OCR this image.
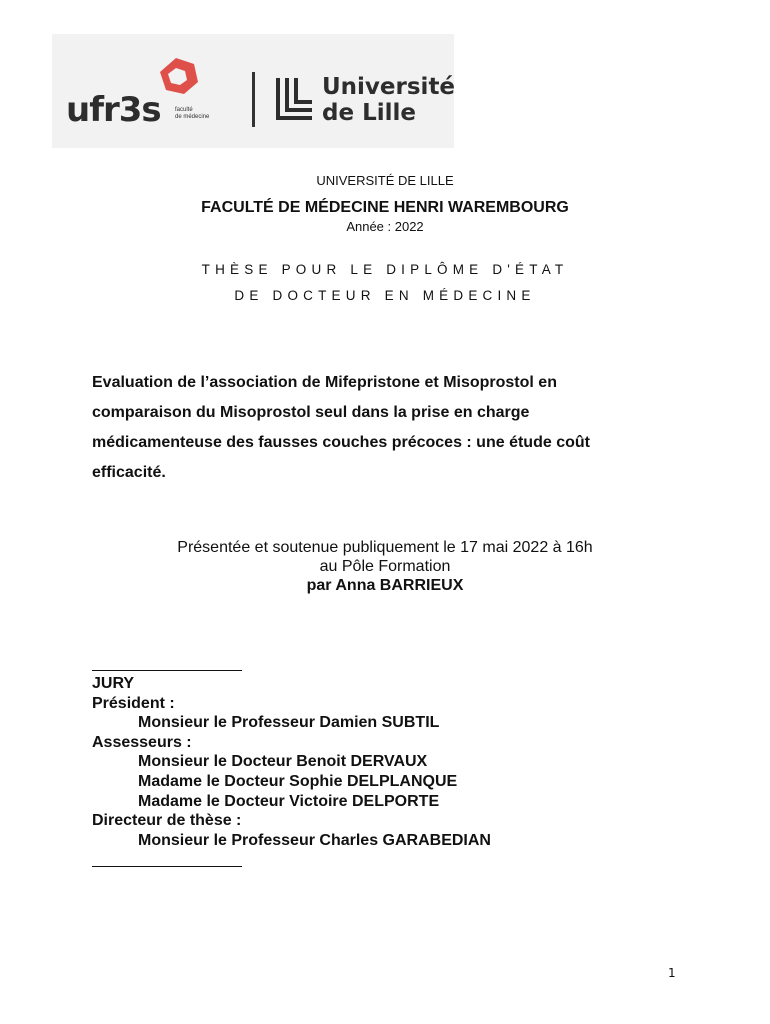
ufr3s faculté
de médecine
Université
de Lille
UNIVERSITÉ DE LILLE
FACULTÉ DE MÉDECINE HENRI WAREMBOURG
Année : 2022
THÈSE POUR LE DIPLÔME D'ÉTAT
DE DOCTEUR EN MÉDECINE
Evaluation de l’association de Mifepristone et Misoprostol en
comparaison du Misoprostol seul dans la prise en charge
médicamenteuse des fausses couches précoces : une étude coût
efficacité.
Présentée et soutenue publiquement le 17 mai 2022 à 16h
au Pôle Formation
par Anna BARRIEUX
JURY
Président :
Monsieur le Professeur Damien SUBTIL
Assesseurs :
Monsieur le Docteur Benoit DERVAUX
Madame le Docteur Sophie DELPLANQUE
Madame le Docteur Victoire DELPORTE
Directeur de thèse :
Monsieur le Professeur Charles GARABEDIAN
1
